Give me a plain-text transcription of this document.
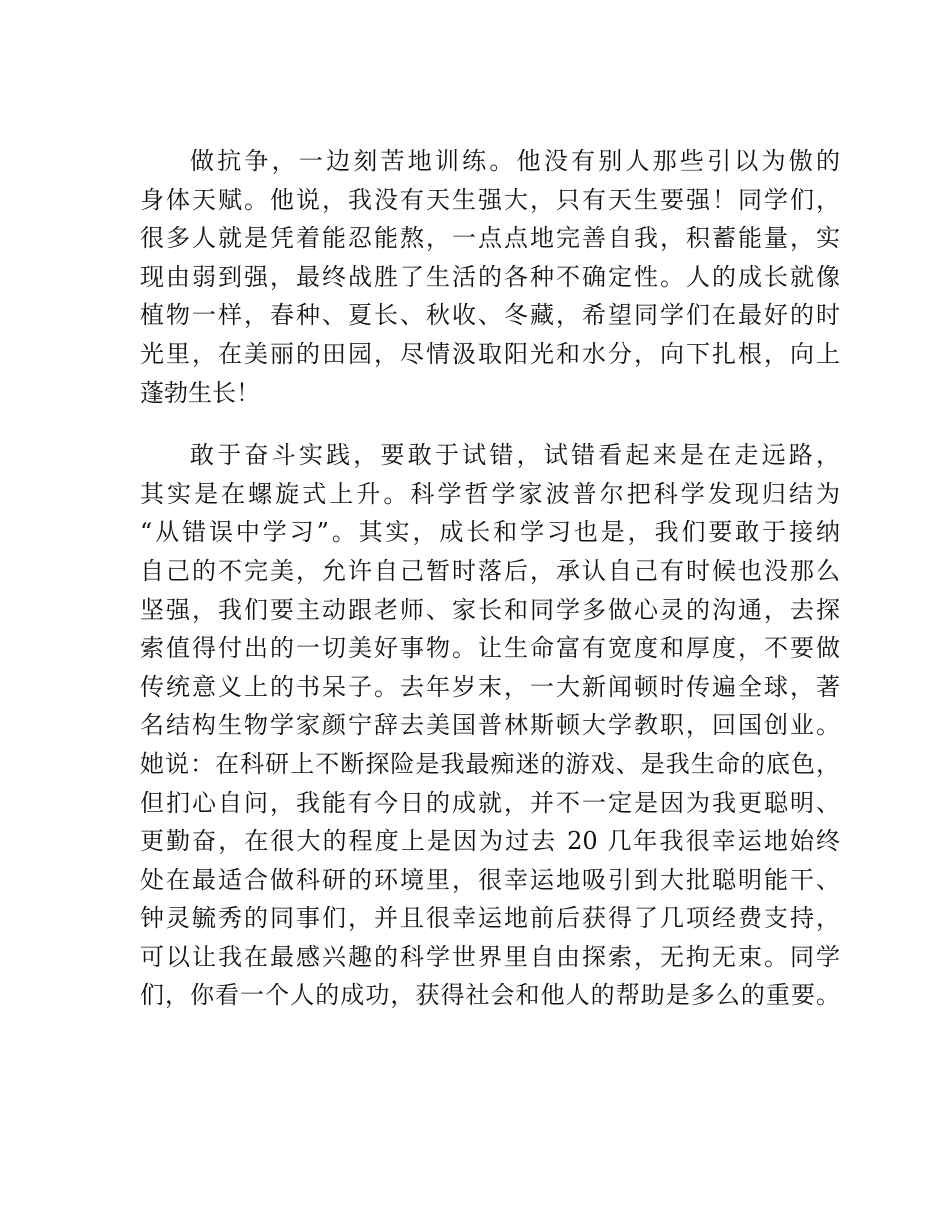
做抗争，一边刻苦地训练。他没有别人那些引以为傲的

身体天赋。他说，我没有天生强大，只有天生要强！同学们，

很多人就是凭着能忍能熬，一点点地完善自我，积蓄能量，实

现由弱到强，最终战胜了生活的各种不确定性。人的成长就像

植物一样，春种、夏长、秋收、冬藏，希望同学们在最好的时

光里，在美丽的田园，尽情汲取阳光和水分，向下扎根，向上

蓬勃生长！

敢于奋斗实践，要敢于试错，试错看起来是在走远路，

其实是在螺旋式上升。科学哲学家波普尔把科学发现归结为

“从错误中学习”。其实，成长和学习也是，我们要敢于接纳

自己的不完美，允许自己暂时落后，承认自己有时候也没那么

坚强，我们要主动跟老师、家长和同学多做心灵的沟通，去探

索值得付出的一切美好事物。让生命富有宽度和厚度，不要做

传统意义上的书呆子。去年岁末，一大新闻顿时传遍全球，著

名结构生物学家颜宁辞去美国普林斯顿大学教职，回国创业。

她说：在科研上不断探险是我最痴迷的游戏、是我生命的底色，

但扪心自问，我能有今日的成就，并不一定是因为我更聪明、

更勤奋，在很大的程度上是因为过去 20 几年我很幸运地始终

处在最适合做科研的环境里，很幸运地吸引到大批聪明能干、

钟灵毓秀的同事们，并且很幸运地前后获得了几项经费支持，

可以让我在最感兴趣的科学世界里自由探索，无拘无束。同学

们，你看一个人的成功，获得社会和他人的帮助是多么的重要。
